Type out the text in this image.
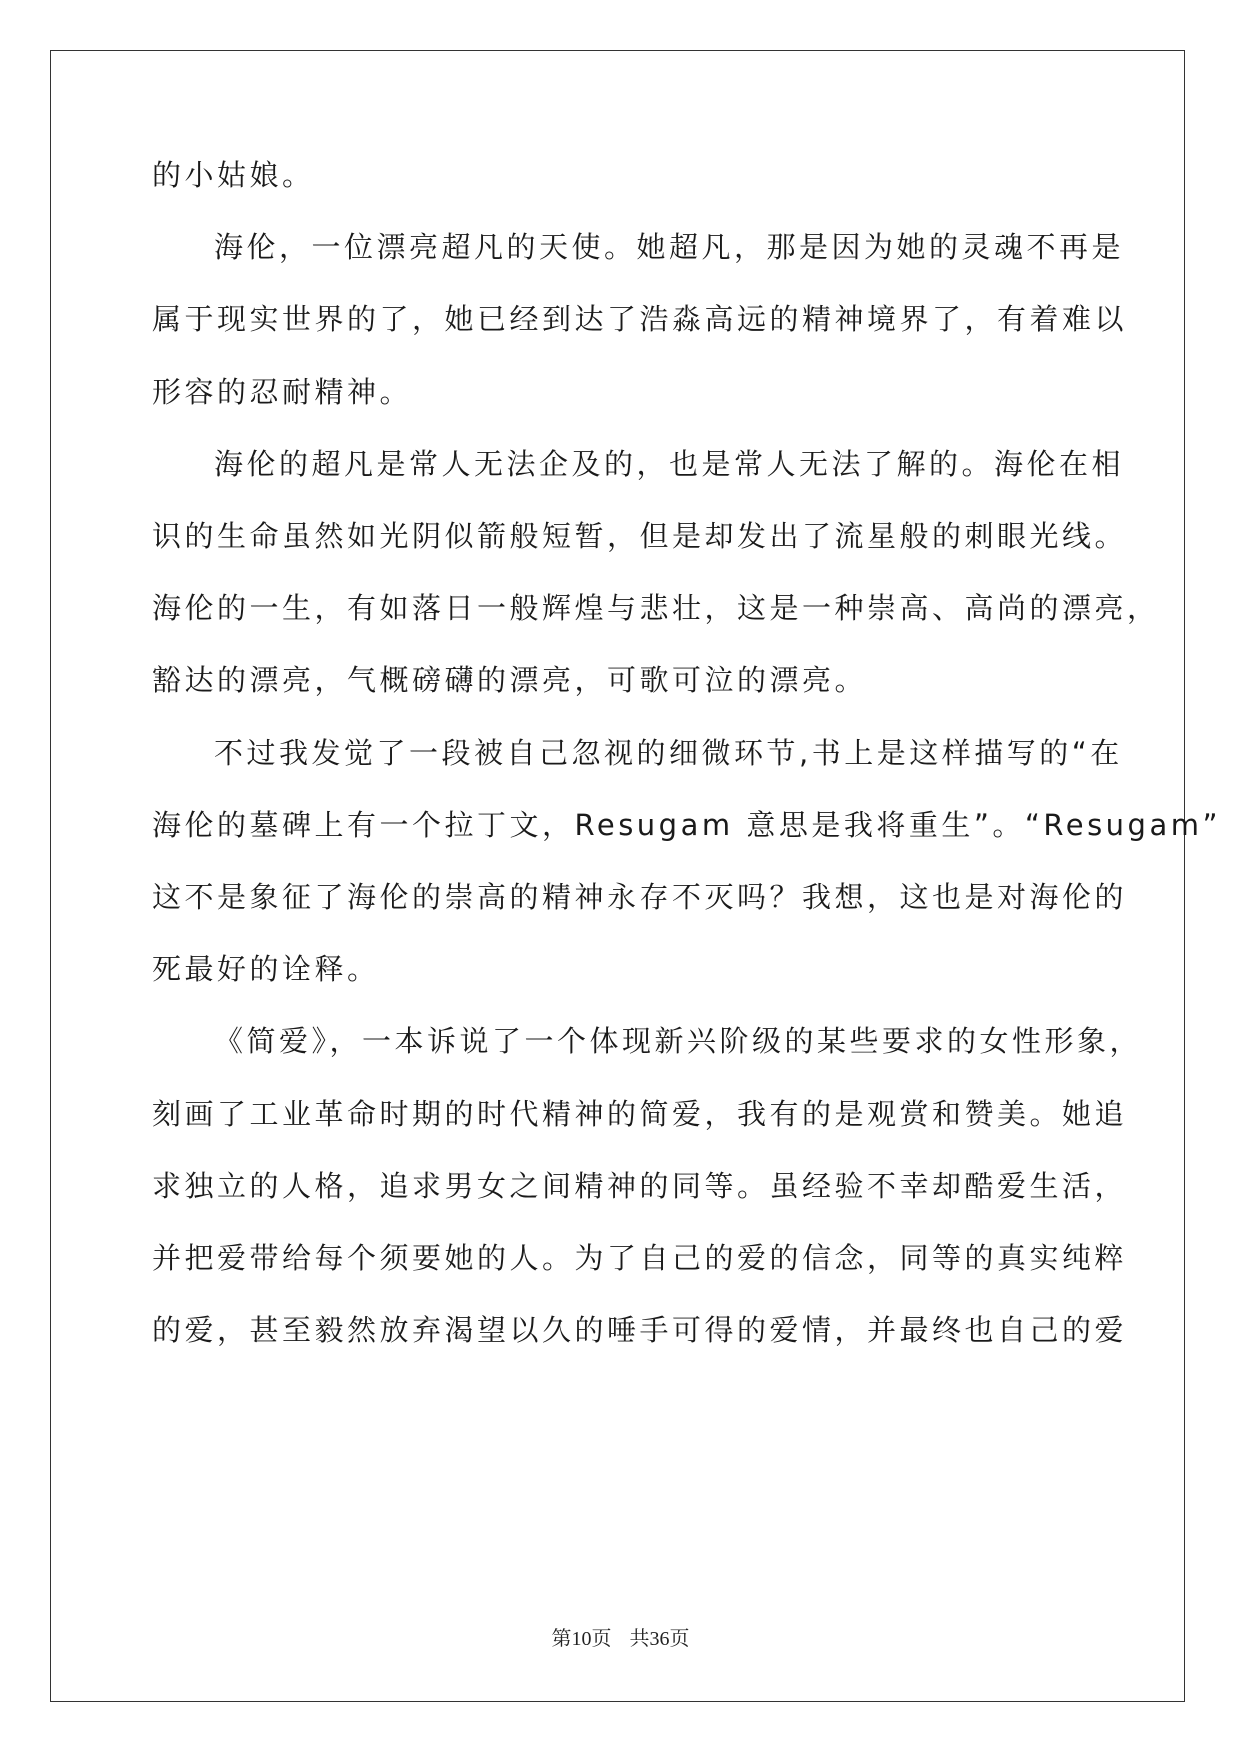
的小姑娘。
海伦，一位漂亮超凡的天使。她超凡，那是因为她的灵魂不再是
属于现实世界的了，她已经到达了浩淼高远的精神境界了，有着难以
形容的忍耐精神。
海伦的超凡是常人无法企及的，也是常人无法了解的。海伦在相
识的生命虽然如光阴似箭般短暂，但是却发出了流星般的刺眼光线。
海伦的一生，有如落日一般辉煌与悲壮，这是一种崇高、高尚的漂亮，
豁达的漂亮，气概磅礴的漂亮，可歌可泣的漂亮。
不过我发觉了一段被自己忽视的细微环节,书上是这样描写的“在
海伦的墓碑上有一个拉丁文，Resugam 意思是我将重生”。“Resugam”
这不是象征了海伦的崇高的精神永存不灭吗？我想，这也是对海伦的
死最好的诠释。
《简爱》，一本诉说了一个体现新兴阶级的某些要求的女性形象，
刻画了工业革命时期的时代精神的简爱，我有的是观赏和赞美。她追
求独立的人格，追求男女之间精神的同等。虽经验不幸却酷爱生活，
并把爱带给每个须要她的人。为了自己的爱的信念，同等的真实纯粹
的爱，甚至毅然放弃渴望以久的唾手可得的爱情，并最终也自己的爱
第10页 共36页
